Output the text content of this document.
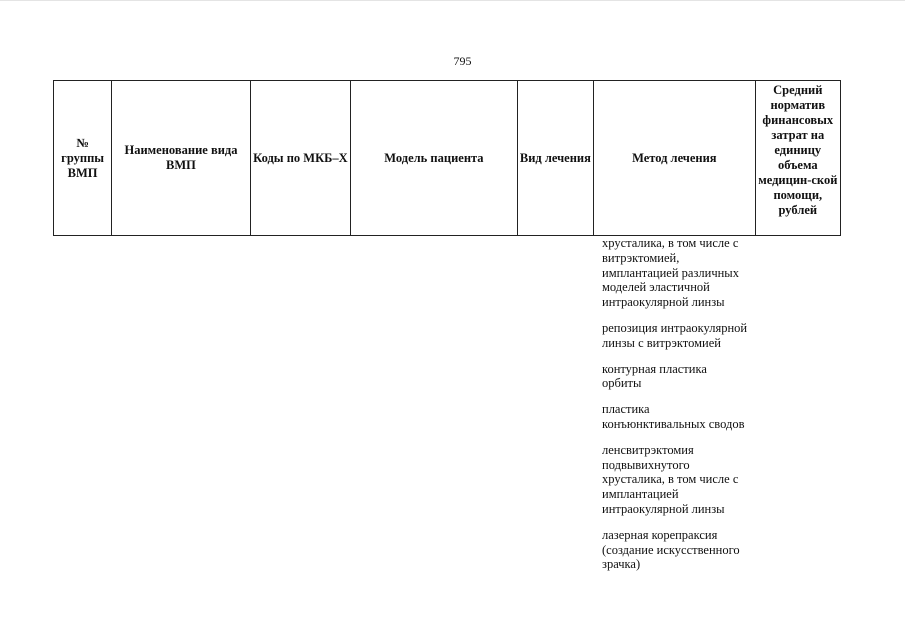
795
№ группы ВМП	Наименование вида ВМП	Коды по МКБ–Х	Модель пациента	Вид лечения	Метод лечения	Средний норматив финансовых затрат на единицу объема медицин-ской помощи, рублей
хрусталика, в том числе с
витрэктомией,
имплантацией различных
моделей эластичной
интраокулярной линзы
репозиция интраокулярной
линзы с витрэктомией
контурная пластика
орбиты
пластика
конъюнктивальных сводов
ленсвитрэктомия
подвывихнутого
хрусталика, в том числе с
имплантацией
интраокулярной линзы
лазерная корепраксия
(создание искусственного
зрачка)
